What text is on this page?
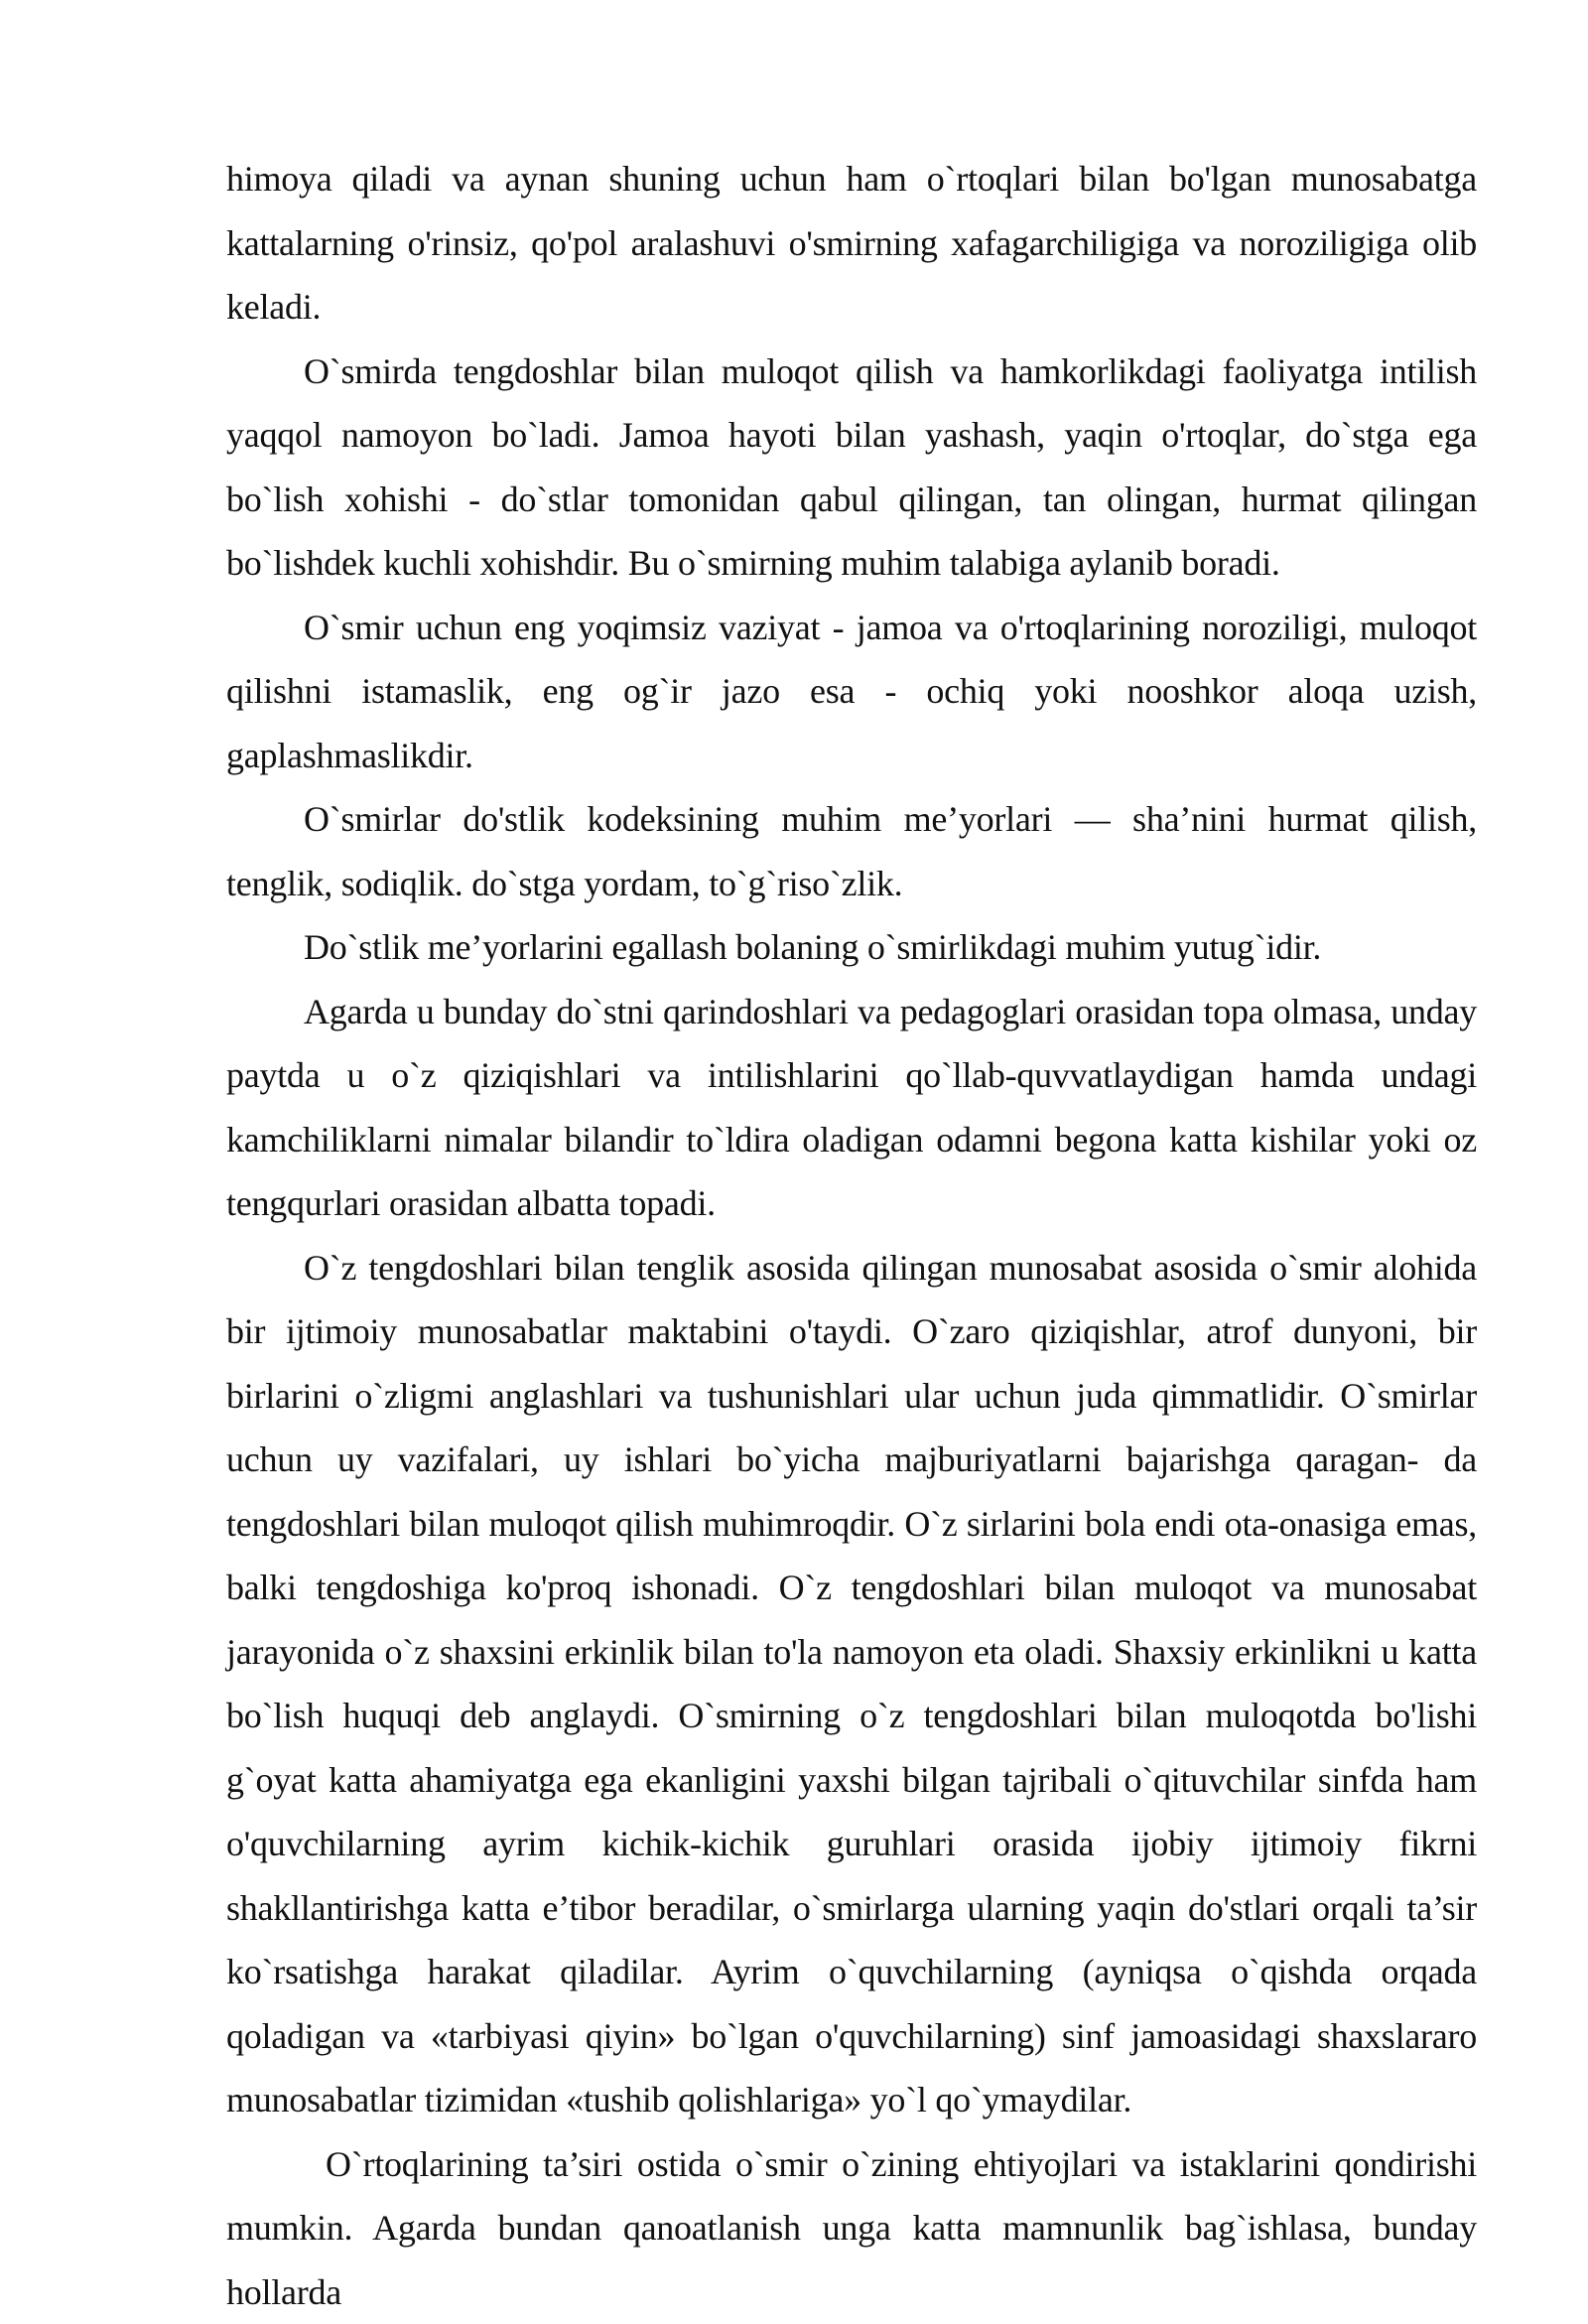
himoya qiladi va aynan shuning uchun ham o`rtoqlari bilan bo'lgan munosabatga kattalarning o'rinsiz, qo'pol aralashuvi o'smirning xafagarchiligiga va noroziligiga olib keladi.

O`smirda tengdoshlar bilan muloqot qilish va hamkorlikdagi faoliyatga intilish yaqqol namoyon bo`ladi. Jamoa hayoti bilan yashash, yaqin o'rtoqlar, do`stga ega bo`lish xohishi - do`stlar tomonidan qabul qilingan, tan olingan, hurmat qilingan bo`lishdek kuchli xohishdir. Bu o`smirning muhim talabiga aylanib boradi.

O`smir uchun eng yoqimsiz vaziyat - jamoa va o'rtoqlarining noroziligi, muloqot qilishni istamaslik, eng og`ir jazo esa - ochiq yoki nooshkor aloqa uzish, gaplashmaslikdir.

O`smirlar do'stlik kodeksining muhim me’yorlari — sha’nini hurmat qilish, tenglik, sodiqlik. do`stga yordam, to`g`riso`zlik.

Do`stlik me’yorlarini egallash bolaning o`smirlikdagi muhim yutug`idir.

Agarda u bunday do`stni qarindoshlari va pedagoglari orasidan topa olmasa, unday paytda u o`z qiziqishlari va intilishlarini qo`llab-quvvatlaydigan hamda undagi kamchiliklarni nimalar bilandir to`ldira oladigan odamni begona katta kishilar yoki oz tengqurlari orasidan albatta topadi.

O`z tengdoshlari bilan tenglik asosida qilingan munosabat asosida o`smir alohida bir ijtimoiy munosabatlar maktabini o'taydi. O`zaro qiziqishlar, atrof dunyoni, bir birlarini o`zligmi anglashlari va tushunishlari ular uchun juda qimmatlidir. O`smirlar uchun uy vazifalari, uy ishlari bo`yicha majburiyatlarni bajarishga qaragan- da tengdoshlari bilan muloqot qilish muhimroqdir. O`z sirlarini bola endi ota-onasiga emas, balki tengdoshiga ko'proq ishonadi. O`z tengdoshlari bilan muloqot va munosabat jarayonida o`z shaxsini erkinlik bilan to'la namoyon eta oladi. Shaxsiy erkinlikni u katta bo`lish huquqi deb anglaydi. O`smirning o`z tengdoshlari bilan muloqotda bo'lishi g`oyat katta ahamiyatga ega ekanligini yaxshi bilgan tajribali o`qituvchilar sinfda ham o'quvchilarning ayrim kichik-kichik guruhlari orasida ijobiy ijtimoiy fikrni shakllantirishga katta e’tibor beradilar, o`smirlarga ularning yaqin do'stlari orqali ta’sir ko`rsatishga harakat qiladilar. Ayrim o`quvchilarning (ayniqsa o`qishda orqada qoladigan va «tarbiyasi qiyin» bo`lgan o'quvchilarning) sinf jamoasidagi shaxslararo munosabatlar tizimidan «tushib qolishlariga» yo`l qo`ymaydilar.

O`rtoqlarining ta’siri ostida o`smir o`zining ehtiyojlari va istaklarini qondirishi mumkin. Agarda bundan qanoatlanish unga katta mamnunlik bag`ishlasa, bunday hollarda
